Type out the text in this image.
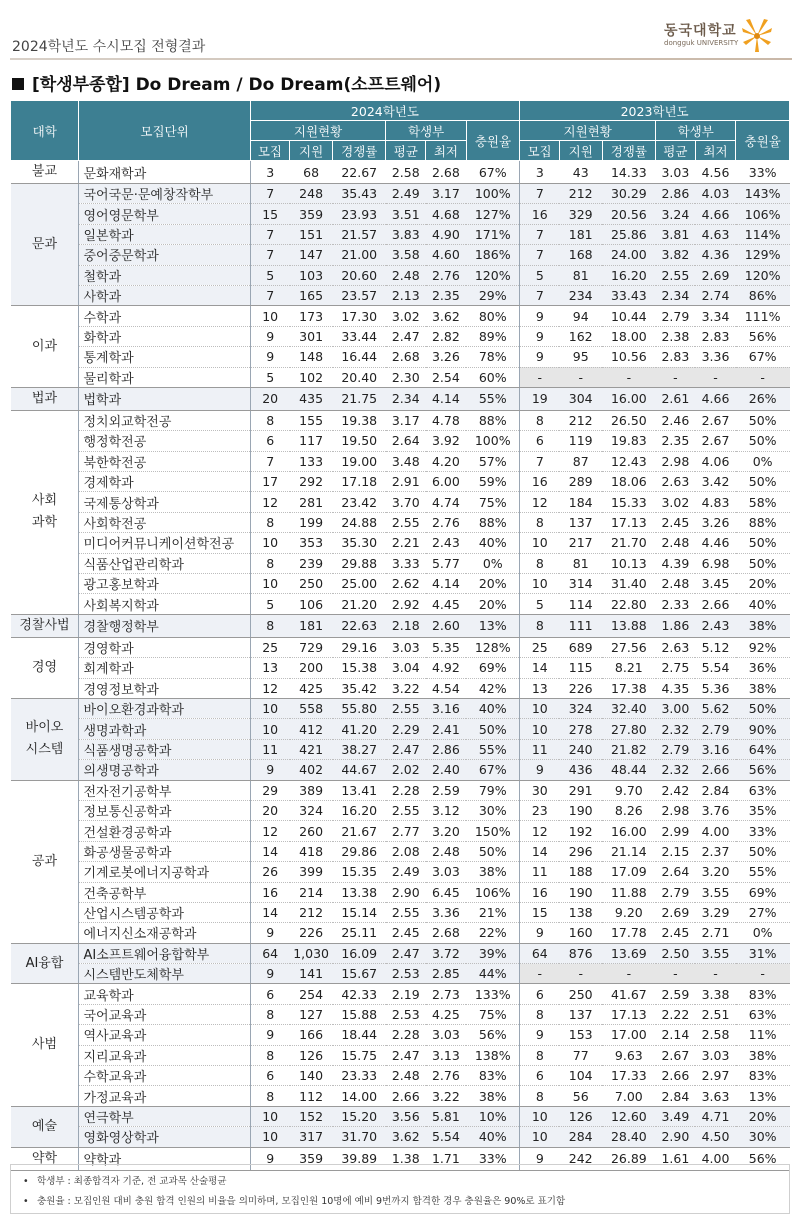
2024학년도 수시모집 전형결과
동국대학교
dongguk UNIVERSITY
[학생부종합] Do Dream / Do Dream(소프트웨어)
대학	모집단위	2024학년도						2023학년도					
		지원현황			학생부		충원율	지원현황			학생부		충원율
		모집	지원	경쟁률	평균	최저		모집	지원	경쟁률	평균	최저	
불교	문화재학과	3	68	22.67	2.58	2.68	67%	3	43	14.33	3.03	4.56	33%
문과	국어국문·문예창작학부	7	248	35.43	2.49	3.17	100%	7	212	30.29	2.86	4.03	143%
	영어영문학부	15	359	23.93	3.51	4.68	127%	16	329	20.56	3.24	4.66	106%
	일본학과	7	151	21.57	3.83	4.90	171%	7	181	25.86	3.81	4.63	114%
	중어중문학과	7	147	21.00	3.58	4.60	186%	7	168	24.00	3.82	4.36	129%
	철학과	5	103	20.60	2.48	2.76	120%	5	81	16.20	2.55	2.69	120%
	사학과	7	165	23.57	2.13	2.35	29%	7	234	33.43	2.34	2.74	86%
이과	수학과	10	173	17.30	3.02	3.62	80%	9	94	10.44	2.79	3.34	111%
	화학과	9	301	33.44	2.47	2.82	89%	9	162	18.00	2.38	2.83	56%
	통계학과	9	148	16.44	2.68	3.26	78%	9	95	10.56	2.83	3.36	67%
	물리학과	5	102	20.40	2.30	2.54	60%	-	-	-	-	-	-
법과	법학과	20	435	21.75	2.34	4.14	55%	19	304	16.00	2.61	4.66	26%
사회
과학	정치외교학전공	8	155	19.38	3.17	4.78	88%	8	212	26.50	2.46	2.67	50%
	행정학전공	6	117	19.50	2.64	3.92	100%	6	119	19.83	2.35	2.67	50%
	북한학전공	7	133	19.00	3.48	4.20	57%	7	87	12.43	2.98	4.06	0%
	경제학과	17	292	17.18	2.91	6.00	59%	16	289	18.06	2.63	3.42	50%
	국제통상학과	12	281	23.42	3.70	4.74	75%	12	184	15.33	3.02	4.83	58%
	사회학전공	8	199	24.88	2.55	2.76	88%	8	137	17.13	2.45	3.26	88%
	미디어커뮤니케이션학전공	10	353	35.30	2.21	2.43	40%	10	217	21.70	2.48	4.46	50%
	식품산업관리학과	8	239	29.88	3.33	5.77	0%	8	81	10.13	4.39	6.98	50%
	광고홍보학과	10	250	25.00	2.62	4.14	20%	10	314	31.40	2.48	3.45	20%
	사회복지학과	5	106	21.20	2.92	4.45	20%	5	114	22.80	2.33	2.66	40%
경찰사법	경찰행정학부	8	181	22.63	2.18	2.60	13%	8	111	13.88	1.86	2.43	38%
경영	경영학과	25	729	29.16	3.03	5.35	128%	25	689	27.56	2.63	5.12	92%
	회계학과	13	200	15.38	3.04	4.92	69%	14	115	8.21	2.75	5.54	36%
	경영정보학과	12	425	35.42	3.22	4.54	42%	13	226	17.38	4.35	5.36	38%
바이오
시스템	바이오환경과학과	10	558	55.80	2.55	3.16	40%	10	324	32.40	3.00	5.62	50%
	생명과학과	10	412	41.20	2.29	2.41	50%	10	278	27.80	2.32	2.79	90%
	식품생명공학과	11	421	38.27	2.47	2.86	55%	11	240	21.82	2.79	3.16	64%
	의생명공학과	9	402	44.67	2.02	2.40	67%	9	436	48.44	2.32	2.66	56%
공과	전자전기공학부	29	389	13.41	2.28	2.59	79%	30	291	9.70	2.42	2.84	63%
	정보통신공학과	20	324	16.20	2.55	3.12	30%	23	190	8.26	2.98	3.76	35%
	건설환경공학과	12	260	21.67	2.77	3.20	150%	12	192	16.00	2.99	4.00	33%
	화공생물공학과	14	418	29.86	2.08	2.48	50%	14	296	21.14	2.15	2.37	50%
	기계로봇에너지공학과	26	399	15.35	2.49	3.03	38%	11	188	17.09	2.64	3.20	55%
	건축공학부	16	214	13.38	2.90	6.45	106%	16	190	11.88	2.79	3.55	69%
	산업시스템공학과	14	212	15.14	2.55	3.36	21%	15	138	9.20	2.69	3.29	27%
	에너지신소재공학과	9	226	25.11	2.45	2.68	22%	9	160	17.78	2.45	2.71	0%
AI융합	AI소프트웨어융합학부	64	1,030	16.09	2.47	3.72	39%	64	876	13.69	2.50	3.55	31%
	시스템반도체학부	9	141	15.67	2.53	2.85	44%	-	-	-	-	-	-
사범	교육학과	6	254	42.33	2.19	2.73	133%	6	250	41.67	2.59	3.38	83%
	국어교육과	8	127	15.88	2.53	4.25	75%	8	137	17.13	2.22	2.51	63%
	역사교육과	9	166	18.44	2.28	3.03	56%	9	153	17.00	2.14	2.58	11%
	지리교육과	8	126	15.75	2.47	3.13	138%	8	77	9.63	2.67	3.03	38%
	수학교육과	6	140	23.33	2.48	2.76	83%	6	104	17.33	2.66	2.97	83%
	가정교육과	8	112	14.00	2.66	3.22	38%	8	56	7.00	2.84	3.63	13%
예술	연극학부	10	152	15.20	3.56	5.81	10%	10	126	12.60	3.49	4.71	20%
	영화영상학과	10	317	31.70	3.62	5.54	40%	10	284	28.40	2.90	4.50	30%
약학	약학과	9	359	39.89	1.38	1.71	33%	9	242	26.89	1.61	4.00	56%
• 학생부 : 최종합격자 기준, 전 교과목 산술평균
• 충원율 : 모집인원 대비 충원 합격 인원의 비율을 의미하며, 모집인원 10명에 예비 9번까지 합격한 경우 충원율은 90%로 표기함
